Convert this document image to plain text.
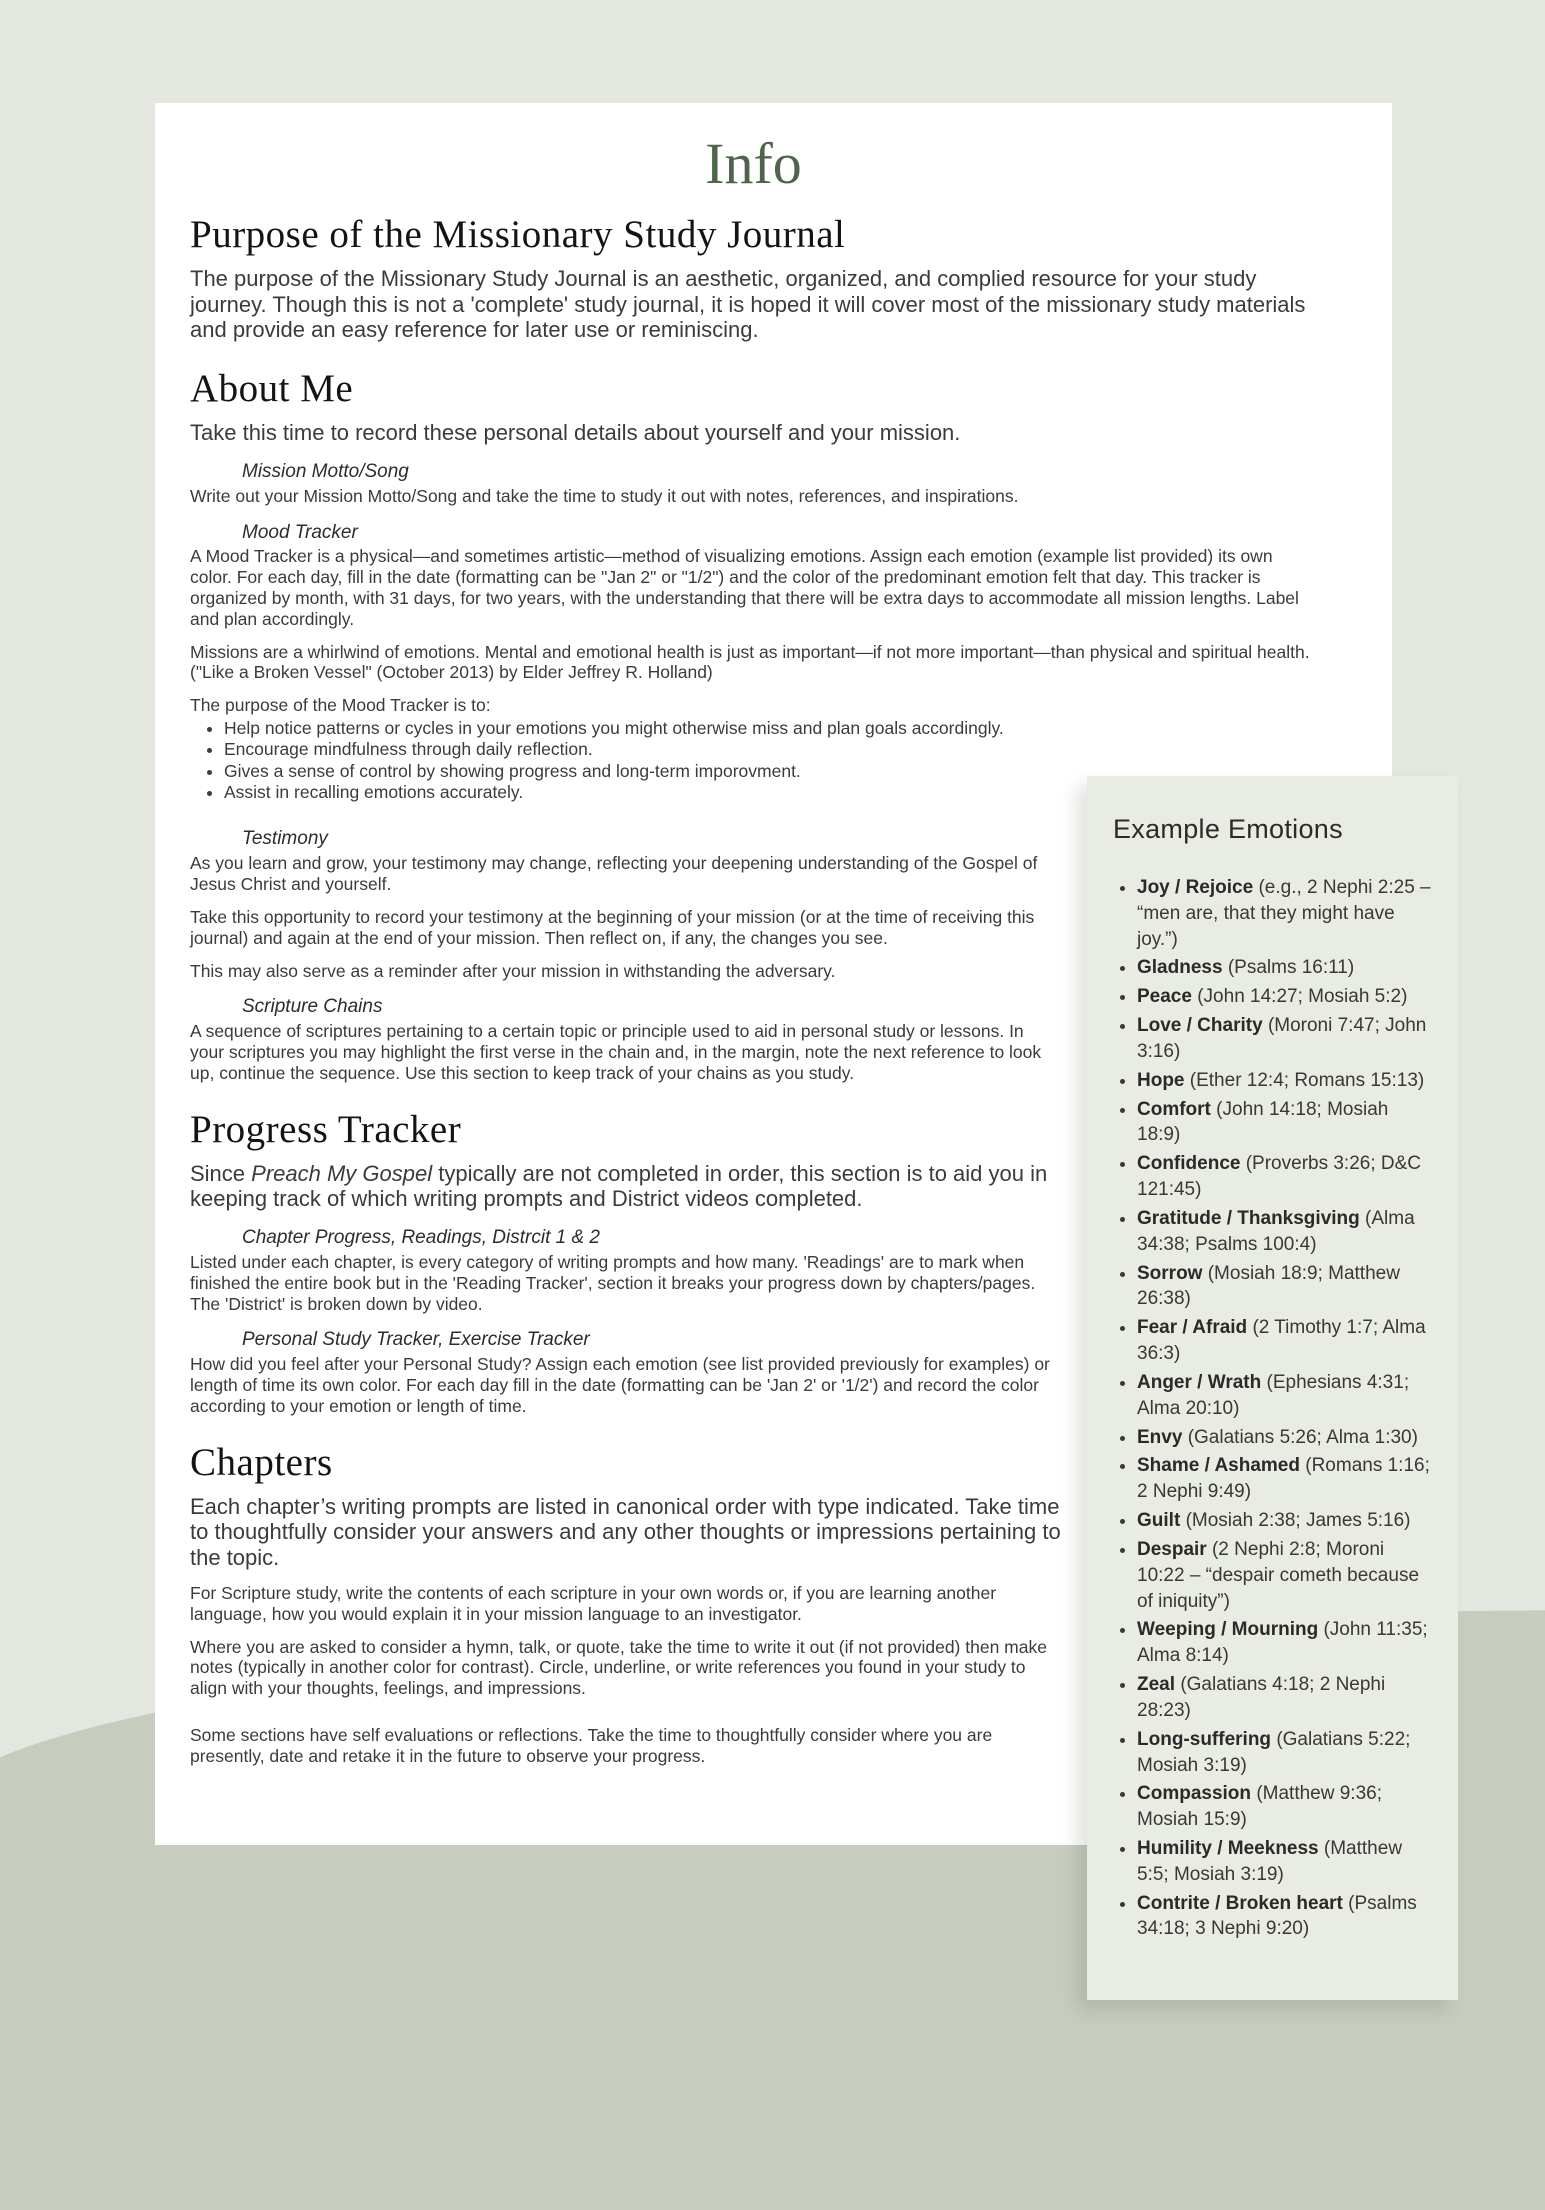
Info
Purpose of the Missionary Study Journal

The purpose of the Missionary Study Journal is an aesthetic, organized, and complied resource for your study journey. Though this is not a 'complete' study journal, it is hoped it will cover most of the missionary study materials and provide an easy reference for later use or reminiscing.

About Me

Take this time to record these personal details about yourself and your mission.

Mission Motto/Song

Write out your Mission Motto/Song and take the time to study it out with notes, references, and inspirations.

Mood Tracker

A Mood Tracker is a physical—and sometimes artistic—method of visualizing emotions. Assign each emotion (example list provided) its own color. For each day, fill in the date (formatting can be "Jan 2" or "1/2") and the color of the predominant emotion felt that day. This tracker is organized by month, with 31 days, for two years, with the understanding that there will be extra days to accommodate all mission lengths. Label and plan accordingly.

Missions are a whirlwind of emotions. Mental and emotional health is just as important—if not more important—than physical and spiritual health. ("Like a Broken Vessel" (October 2013) by Elder Jeffrey R. Holland)

The purpose of the Mood Tracker is to:

• Help notice patterns or cycles in your emotions you might otherwise miss and plan goals accordingly.
• Encourage mindfulness through daily reflection.
• Gives a sense of control by showing progress and long-term imporovment.
• Assist in recalling emotions accurately.
Testimony

As you learn and grow, your testimony may change, reflecting your deepening understanding of the Gospel of Jesus Christ and yourself.

Take this opportunity to record your testimony at the beginning of your mission (or at the time of receiving this journal) and again at the end of your mission. Then reflect on, if any, the changes you see.

This may also serve as a reminder after your mission in withstanding the adversary.

Scripture Chains

A sequence of scriptures pertaining to a certain topic or principle used to aid in personal study or lessons. In your scriptures you may highlight the first verse in the chain and, in the margin, note the next reference to look up, continue the sequence. Use this section to keep track of your chains as you study.

Progress Tracker

Since Preach My Gospel typically are not completed in order, this section is to aid you in keeping track of which writing prompts and District videos completed.

Chapter Progress, Readings, Distrcit 1 & 2

Listed under each chapter, is every category of writing prompts and how many. 'Readings' are to mark when finished the entire book but in the 'Reading Tracker', section it breaks your progress down by chapters/pages. The 'District' is broken down by video.

Personal Study Tracker, Exercise Tracker

How did you feel after your Personal Study? Assign each emotion (see list provided previously for examples) or length of time its own color. For each day fill in the date (formatting can be 'Jan 2' or '1/2') and record the color according to your emotion or length of time.

Chapters

Each chapter’s writing prompts are listed in canonical order with type indicated. Take time to thoughtfully consider your answers and any other thoughts or impressions pertaining to the topic.

For Scripture study, write the contents of each scripture in your own words or, if you are learning another language, how you would explain it in your mission language to an investigator.

Where you are asked to consider a hymn, talk, or quote, take the time to write it out (if not provided) then make notes (typically in another color for contrast). Circle, underline, or write references you found in your study to align with your thoughts, feelings, and impressions.

Some sections have self evaluations or reflections. Take the time to thoughtfully consider where you are presently, date and retake it in the future to observe your progress.

Example Emotions
• Joy / Rejoice (e.g., 2 Nephi 2:25 – “men are, that they might have joy.”)
• Gladness (Psalms 16:11)
• Peace (John 14:27; Mosiah 5:2)
• Love / Charity (Moroni 7:47; John 3:16)
• Hope (Ether 12:4; Romans 15:13)
• Comfort (John 14:18; Mosiah 18:9)
• Confidence (Proverbs 3:26; D&C 121:45)
• Gratitude / Thanksgiving (Alma 34:38; Psalms 100:4)
• Sorrow (Mosiah 18:9; Matthew 26:38)
• Fear / Afraid (2 Timothy 1:7; Alma 36:3)
• Anger / Wrath (Ephesians 4:31; Alma 20:10)
• Envy (Galatians 5:26; Alma 1:30)
• Shame / Ashamed (Romans 1:16; 2 Nephi 9:49)
• Guilt (Mosiah 2:38; James 5:16)
• Despair (2 Nephi 2:8; Moroni 10:22 – “despair cometh because of iniquity”)
• Weeping / Mourning (John 11:35; Alma 8:14)
• Zeal (Galatians 4:18; 2 Nephi 28:23)
• Long-suffering (Galatians 5:22; Mosiah 3:19)
• Compassion (Matthew 9:36; Mosiah 15:9)
• Humility / Meekness (Matthew 5:5; Mosiah 3:19)
• Contrite / Broken heart (Psalms 34:18; 3 Nephi 9:20)
